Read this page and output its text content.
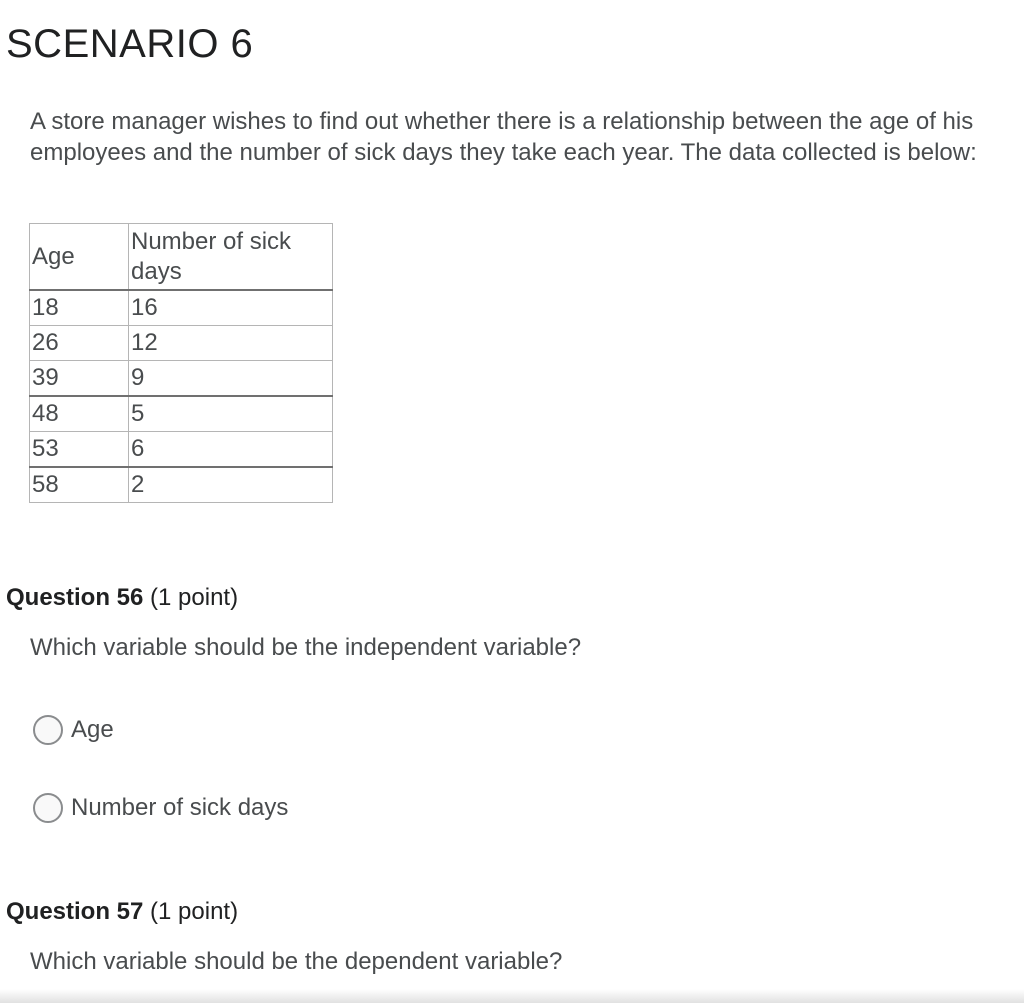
SCENARIO 6

A store manager wishes to find out whether there is a relationship between the age of his employees and the number of sick days they take each year. The data collected is below:

Age	Number of sick days
18	16
26	12
39	9
48	5
53	6
58	2
Question 56 (1 point)

Which variable should be the independent variable?

Age
Number of sick days
Question 57 (1 point)

Which variable should be the dependent variable?
